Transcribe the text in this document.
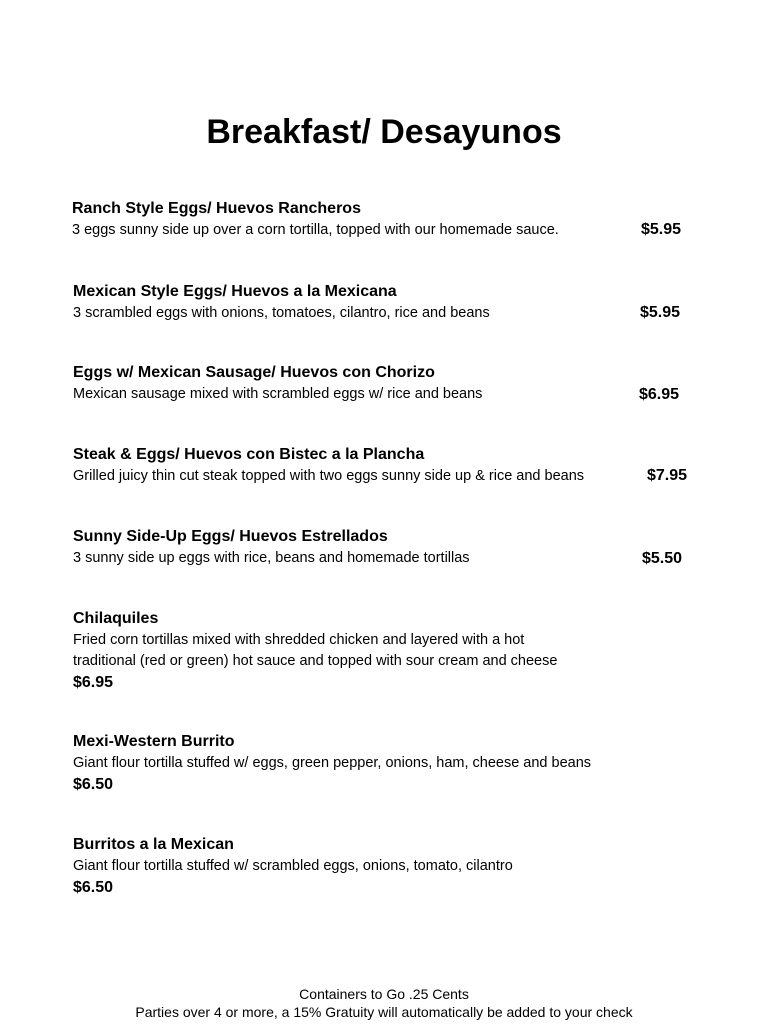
Breakfast/ Desayunos
Ranch Style Eggs/ Huevos Rancheros
3 eggs sunny side up over a corn tortilla, topped with our homemade sauce.	$5.95
Mexican Style Eggs/ Huevos a la Mexicana
3 scrambled eggs with onions, tomatoes, cilantro, rice and beans	$5.95
Eggs w/ Mexican Sausage/ Huevos con Chorizo
Mexican sausage mixed with scrambled eggs w/ rice and beans	$6.95
Steak & Eggs/ Huevos con Bistec a la Plancha
Grilled juicy thin cut steak topped with two eggs sunny side up & rice and beans	$7.95
Sunny Side-Up Eggs/ Huevos Estrellados
3 sunny side up eggs with rice, beans and homemade tortillas	$5.50
Chilaquiles
Fried corn tortillas mixed with shredded chicken and layered with a hot
traditional (red or green) hot sauce and topped with sour cream and cheese
$6.95
Mexi-Western Burrito
Giant flour tortilla stuffed w/ eggs, green pepper, onions, ham, cheese and beans
$6.50
Burritos a la Mexican
Giant flour tortilla stuffed w/ scrambled eggs, onions, tomato, cilantro
$6.50
Containers to Go .25 Cents
Parties over 4 or more, a 15% Gratuity will automatically be added to your check
